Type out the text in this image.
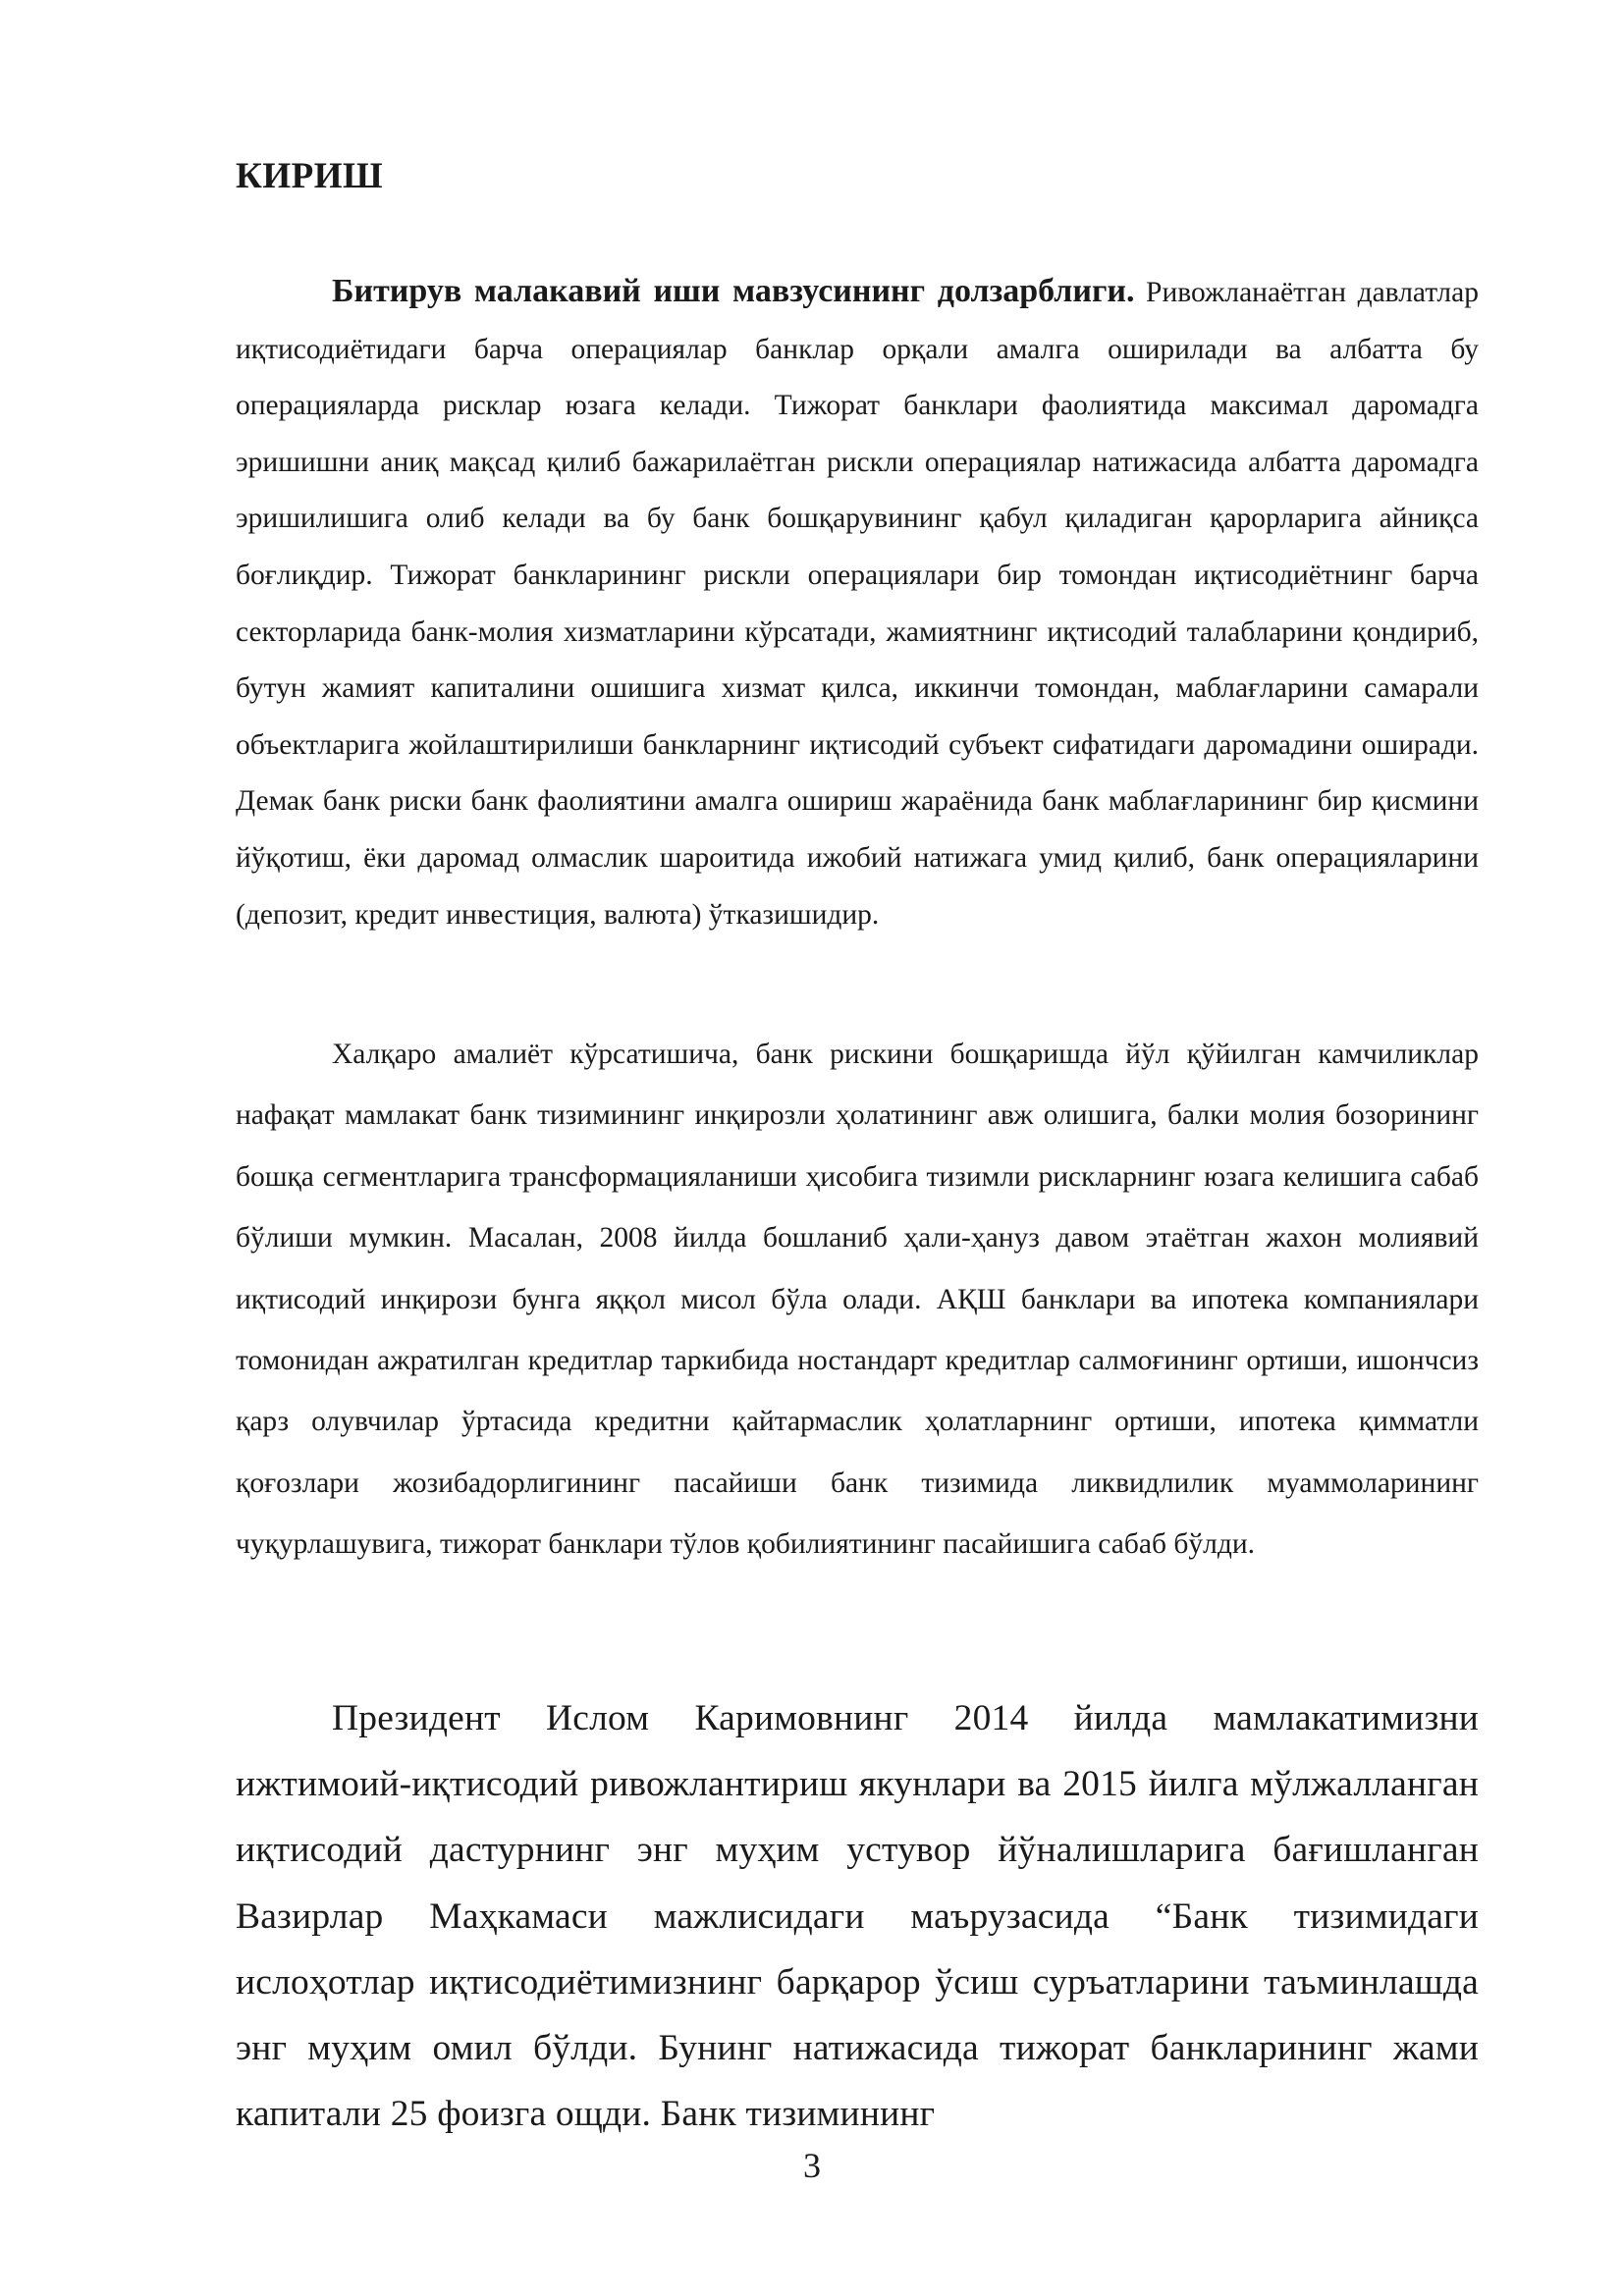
КИРИШ

Битирув малакавий иши мавзусининг долзарблиги. Ривожланаётган давлатлар иқтисодиётидаги барча операциялар банклар орқали амалга оширилади ва албатта бу операцияларда рисклар юзага келади. Тижорат банклари фаолиятида максимал даромадга эришишни аниқ мақсад қилиб бажарилаётган рискли операциялар натижасида албатта даромадга эришилишига олиб келади ва бу банк бошқарувининг қабул қиладиган қарорларига айниқса боғлиқдир. Тижорат банкларининг рискли операциялари бир томондан иқтисодиётнинг барча секторларида банк-молия хизматларини кўрсатади, жамиятнинг иқтисодий талабларини қондириб, бутун жамият капиталини ошишига хизмат қилса, иккинчи томондан, маблағларини самарали объектларига жойлаштирилиши банкларнинг иқтисодий субъект сифатидаги даромадини оширади. Демак банк риски банк фаолиятини амалга ошириш жараёнида банк маблағларининг бир қисмини йўқотиш, ёки даромад олмаслик шароитида ижобий натижага умид қилиб, банк операцияларини (депозит, кредит инвестиция, валюта) ўтказишидир.

Халқаро амалиёт кўрсатишича, банк рискини бошқаришда йўл қўйилган камчиликлар нафақат мамлакат банк тизимининг инқирозли ҳолатининг авж олишига, балки молия бозорининг бошқа сегментларига трансформацияланиши ҳисобига тизимли рискларнинг юзага келишига сабаб бўлиши мумкин. Масалан, 2008 йилда бошланиб ҳали-ҳануз давом этаётган жахон молиявий иқтисодий инқирози бунга яққол мисол бўла олади. АҚШ банклари ва ипотека компаниялари томонидан ажратилган кредитлар таркибида ностандарт кредитлар салмоғининг ортиши, ишончсиз қарз олувчилар ўртасида кредитни қайтармаслик ҳолатларнинг ортиши, ипотека қимматли қоғозлари жозибадорлигининг пасайиши банк тизимида ликвидлилик муаммоларининг чуқурлашувига, тижорат банклари тўлов қобилиятининг пасайишига сабаб бўлди.

Президент Ислом Каримовнинг 2014 йилда мамлакатимизни ижтимоий-иқтисодий ривожлантириш якунлари ва 2015 йилга мўлжалланган иқтисодий дастурнинг энг муҳим устувор йўналишларига бағишланган Вазирлар Маҳкамаси мажлисидаги маърузасида “Банк тизимидаги ислоҳотлар иқтисодиётимизнинг барқарор ўсиш суръатларини таъминлашда энг муҳим омил бўлди. Бунинг натижасида тижорат банкларининг жами капитали 25 фоизга ощди. Банк тизимининг

3
